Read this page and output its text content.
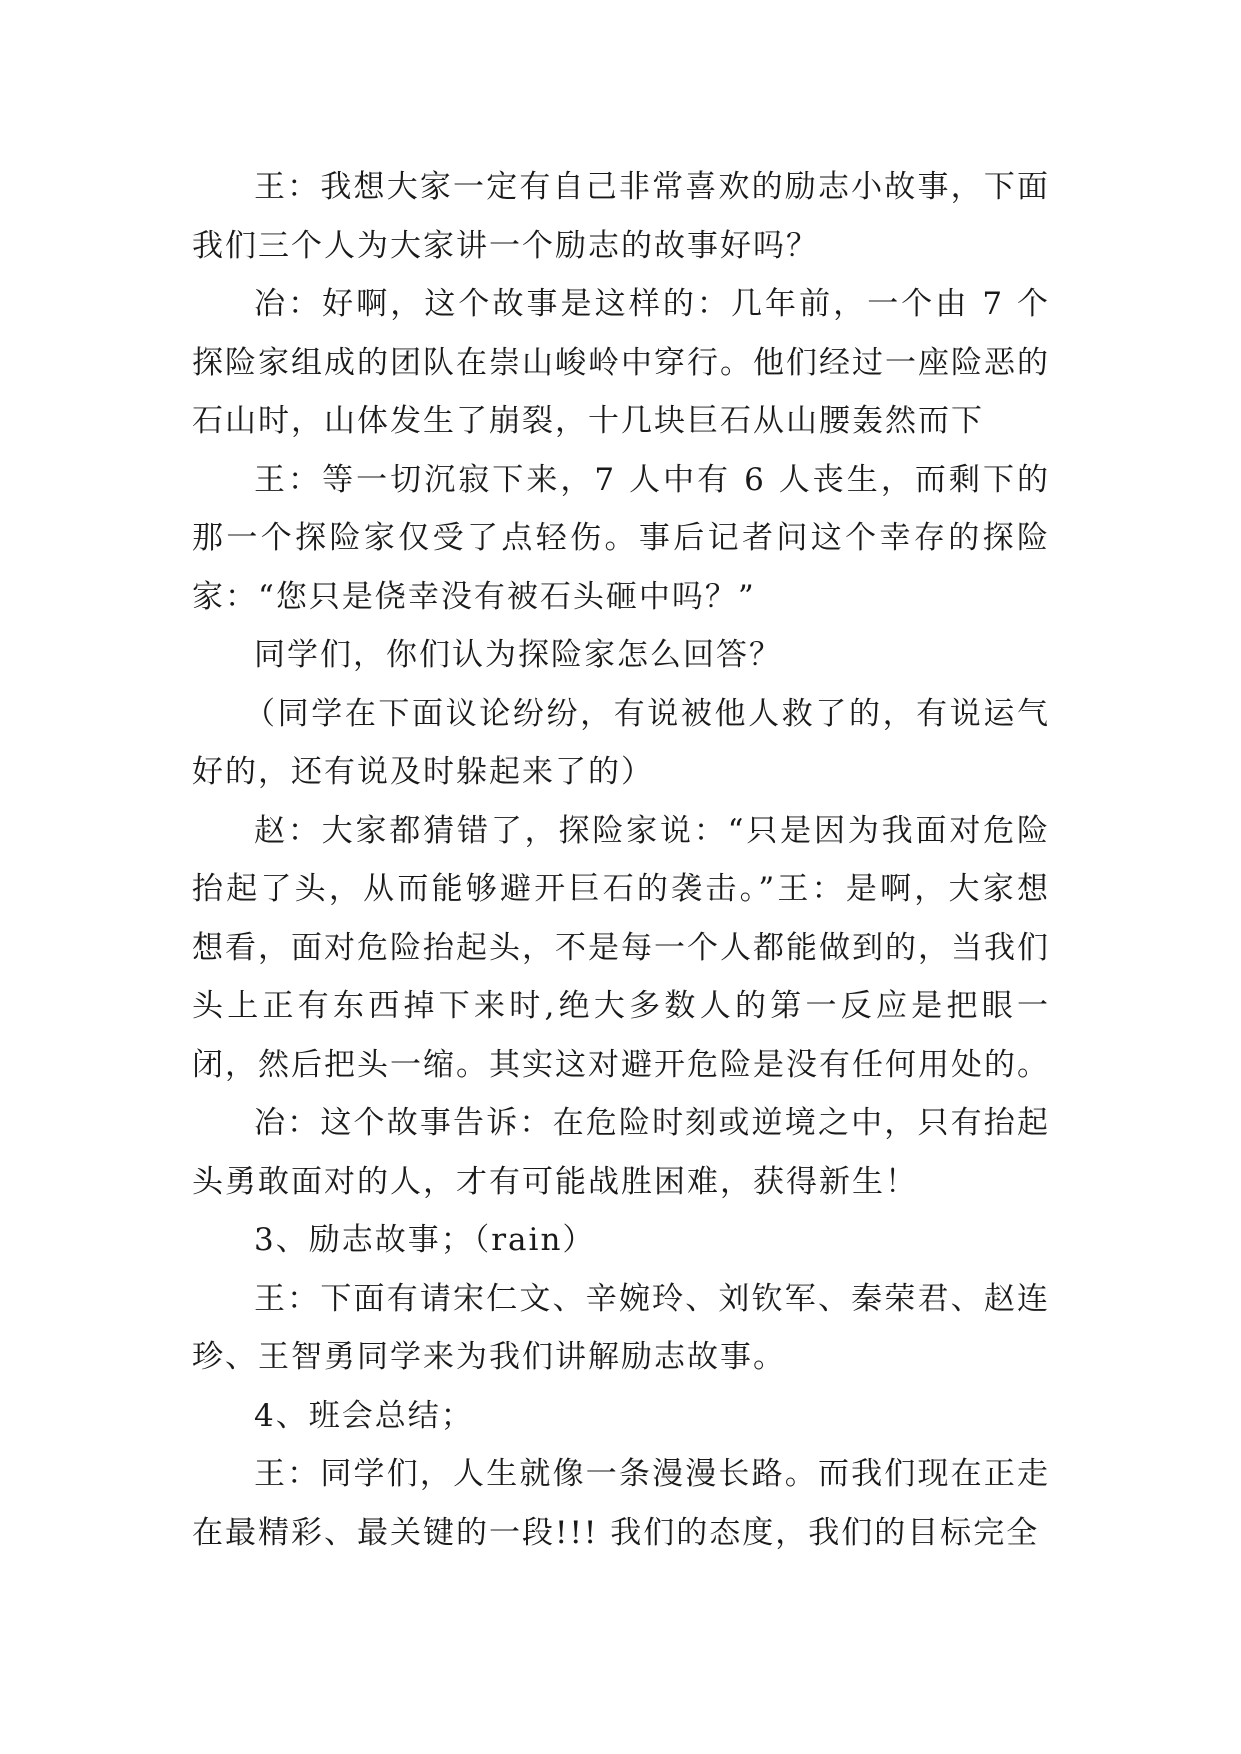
王：我想大家一定有自己非常喜欢的励志小故事，下面我们三个人为大家讲一个励志的故事好吗？

冶：好啊，这个故事是这样的：几年前，一个由 7 个探险家组成的团队在崇山峻岭中穿行。他们经过一座险恶的石山时，山体发生了崩裂，十几块巨石从山腰轰然而下

王：等一切沉寂下来，7 人中有 6 人丧生，而剩下的那一个探险家仅受了点轻伤。事后记者问这个幸存的探险家：“您只是侥幸没有被石头砸中吗？”

同学们，你们认为探险家怎么回答？

（同学在下面议论纷纷，有说被他人救了的，有说运气好的，还有说及时躲起来了的）

赵：大家都猜错了，探险家说：“只是因为我面对危险抬起了头，从而能够避开巨石的袭击。”王：是啊，大家想想看，面对危险抬起头，不是每一个人都能做到的，当我们头上正有东西掉下来时,绝大多数人的第一反应是把眼一闭，然后把头一缩。其实这对避开危险是没有任何用处的。

冶：这个故事告诉：在危险时刻或逆境之中，只有抬起头勇敢面对的人，才有可能战胜困难，获得新生！

3、励志故事；（rain）

王：下面有请宋仁文、辛婉玲、刘钦军、秦荣君、赵连珍、王智勇同学来为我们讲解励志故事。

4、班会总结；

王：同学们，人生就像一条漫漫长路。而我们现在正走在最精彩、最关键的一段!!! 我们的态度，我们的目标完全
